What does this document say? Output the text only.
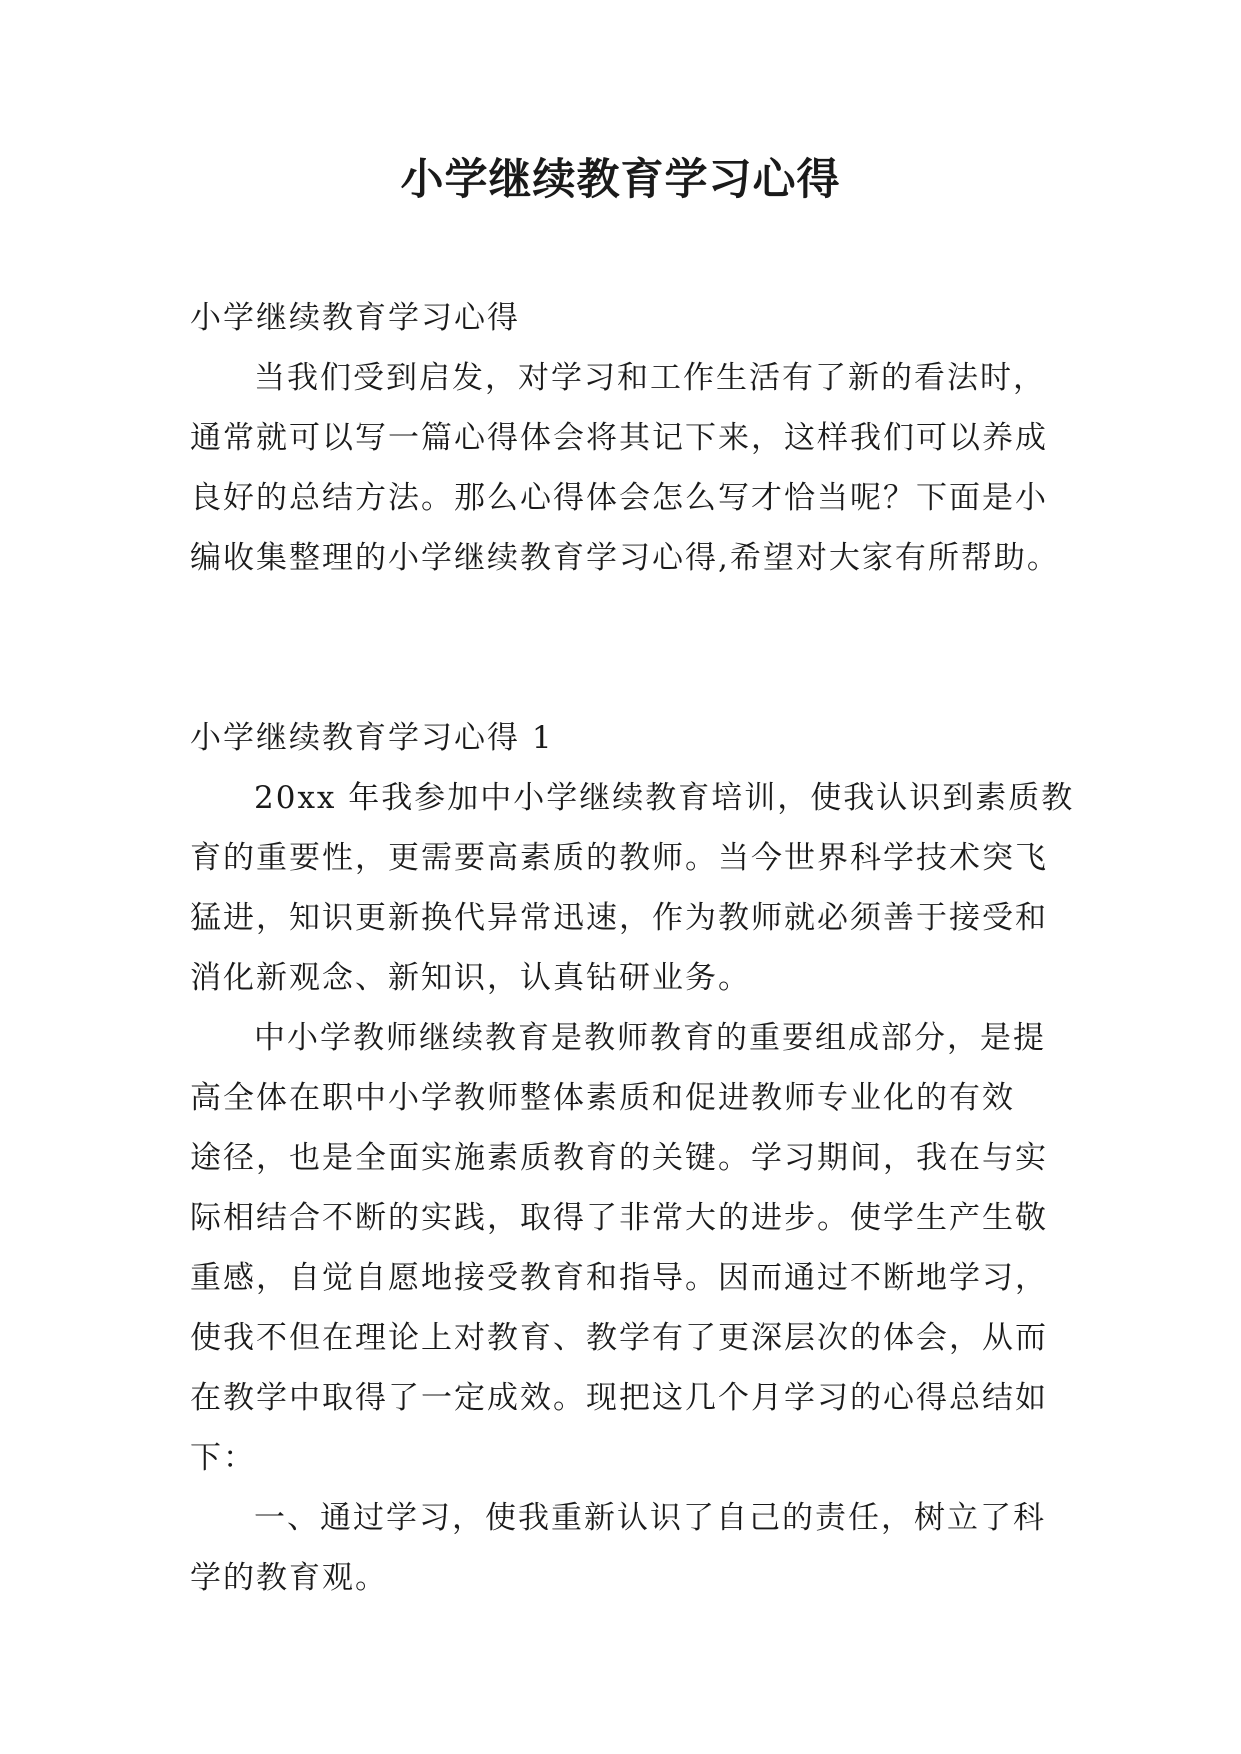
小学继续教育学习心得

小学继续教育学习心得

当我们受到启发，对学习和工作生活有了新的看法时，

通常就可以写一篇心得体会将其记下来，这样我们可以养成

良好的总结方法。那么心得体会怎么写才恰当呢？下面是小

编收集整理的小学继续教育学习心得,希望对大家有所帮助。

小学继续教育学习心得 1

20xx 年我参加中小学继续教育培训，使我认识到素质教

育的重要性，更需要高素质的教师。当今世界科学技术突飞

猛进，知识更新换代异常迅速，作为教师就必须善于接受和

消化新观念、新知识，认真钻研业务。

中小学教师继续教育是教师教育的重要组成部分，是提

高全体在职中小学教师整体素质和促进教师专业化的有效

途径，也是全面实施素质教育的关键。学习期间，我在与实

际相结合不断的实践，取得了非常大的进步。使学生产生敬

重感，自觉自愿地接受教育和指导。因而通过不断地学习，

使我不但在理论上对教育、教学有了更深层次的体会，从而

在教学中取得了一定成效。现把这几个月学习的心得总结如

下：

一、通过学习，使我重新认识了自己的责任，树立了科

学的教育观。
